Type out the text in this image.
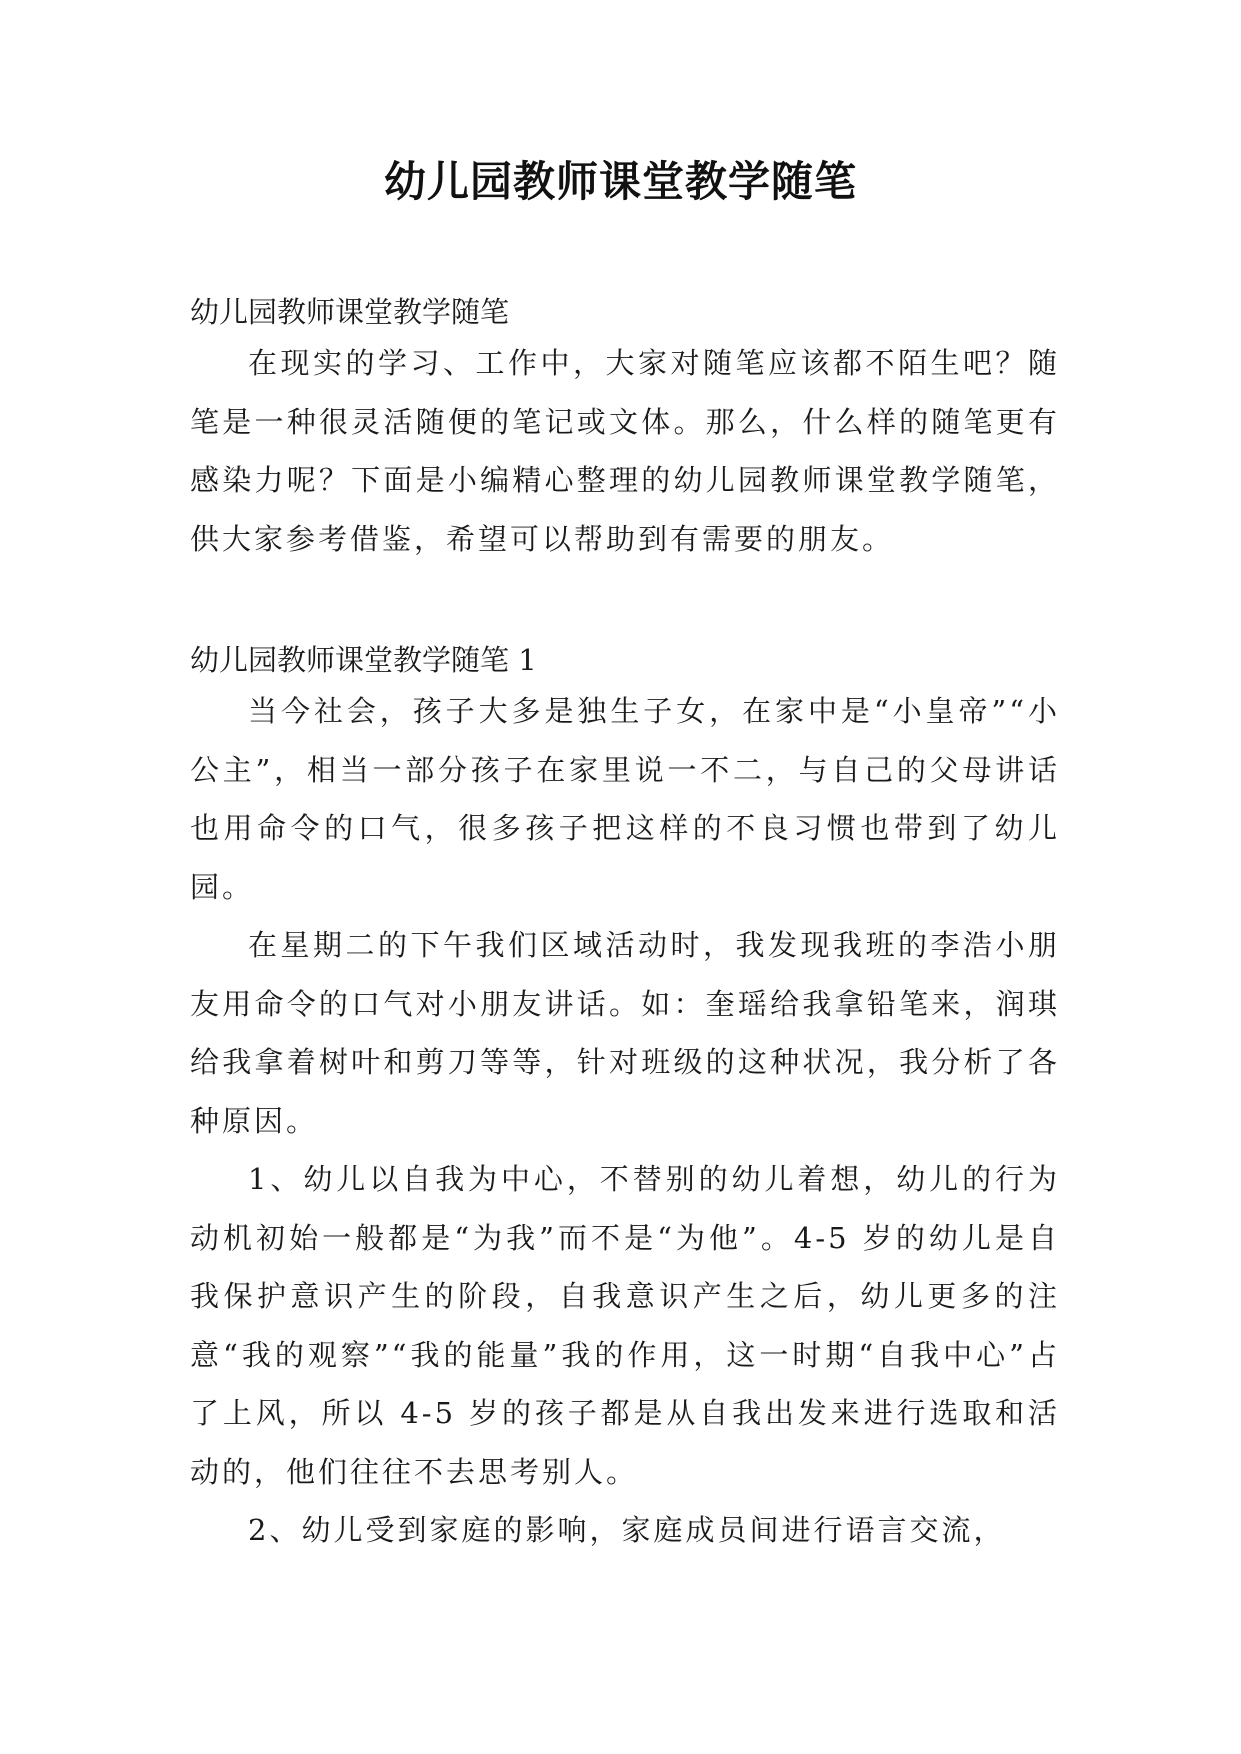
幼儿园教师课堂教学随笔

幼儿园教师课堂教学随笔

在现实的学习、工作中，大家对随笔应该都不陌生吧？随笔是一种很灵活随便的笔记或文体。那么，什么样的随笔更有感染力呢？下面是小编精心整理的幼儿园教师课堂教学随笔，供大家参考借鉴，希望可以帮助到有需要的朋友。

幼儿园教师课堂教学随笔 1

当今社会，孩子大多是独生子女，在家中是“小皇帝”“小公主”，相当一部分孩子在家里说一不二，与自己的父母讲话也用命令的口气，很多孩子把这样的不良习惯也带到了幼儿园。

在星期二的下午我们区域活动时，我发现我班的李浩小朋友用命令的口气对小朋友讲话。如：奎瑶给我拿铅笔来，润琪给我拿着树叶和剪刀等等，针对班级的这种状况，我分析了各种原因。

1、幼儿以自我为中心，不替别的幼儿着想，幼儿的行为动机初始一般都是“为我”而不是“为他”。4-5 岁的幼儿是自我保护意识产生的阶段，自我意识产生之后，幼儿更多的注意“我的观察”“我的能量”我的作用，这一时期“自我中心”占了上风，所以 4-5 岁的孩子都是从自我出发来进行选取和活动的，他们往往不去思考别人。

2、幼儿受到家庭的影响，家庭成员间进行语言交流，
